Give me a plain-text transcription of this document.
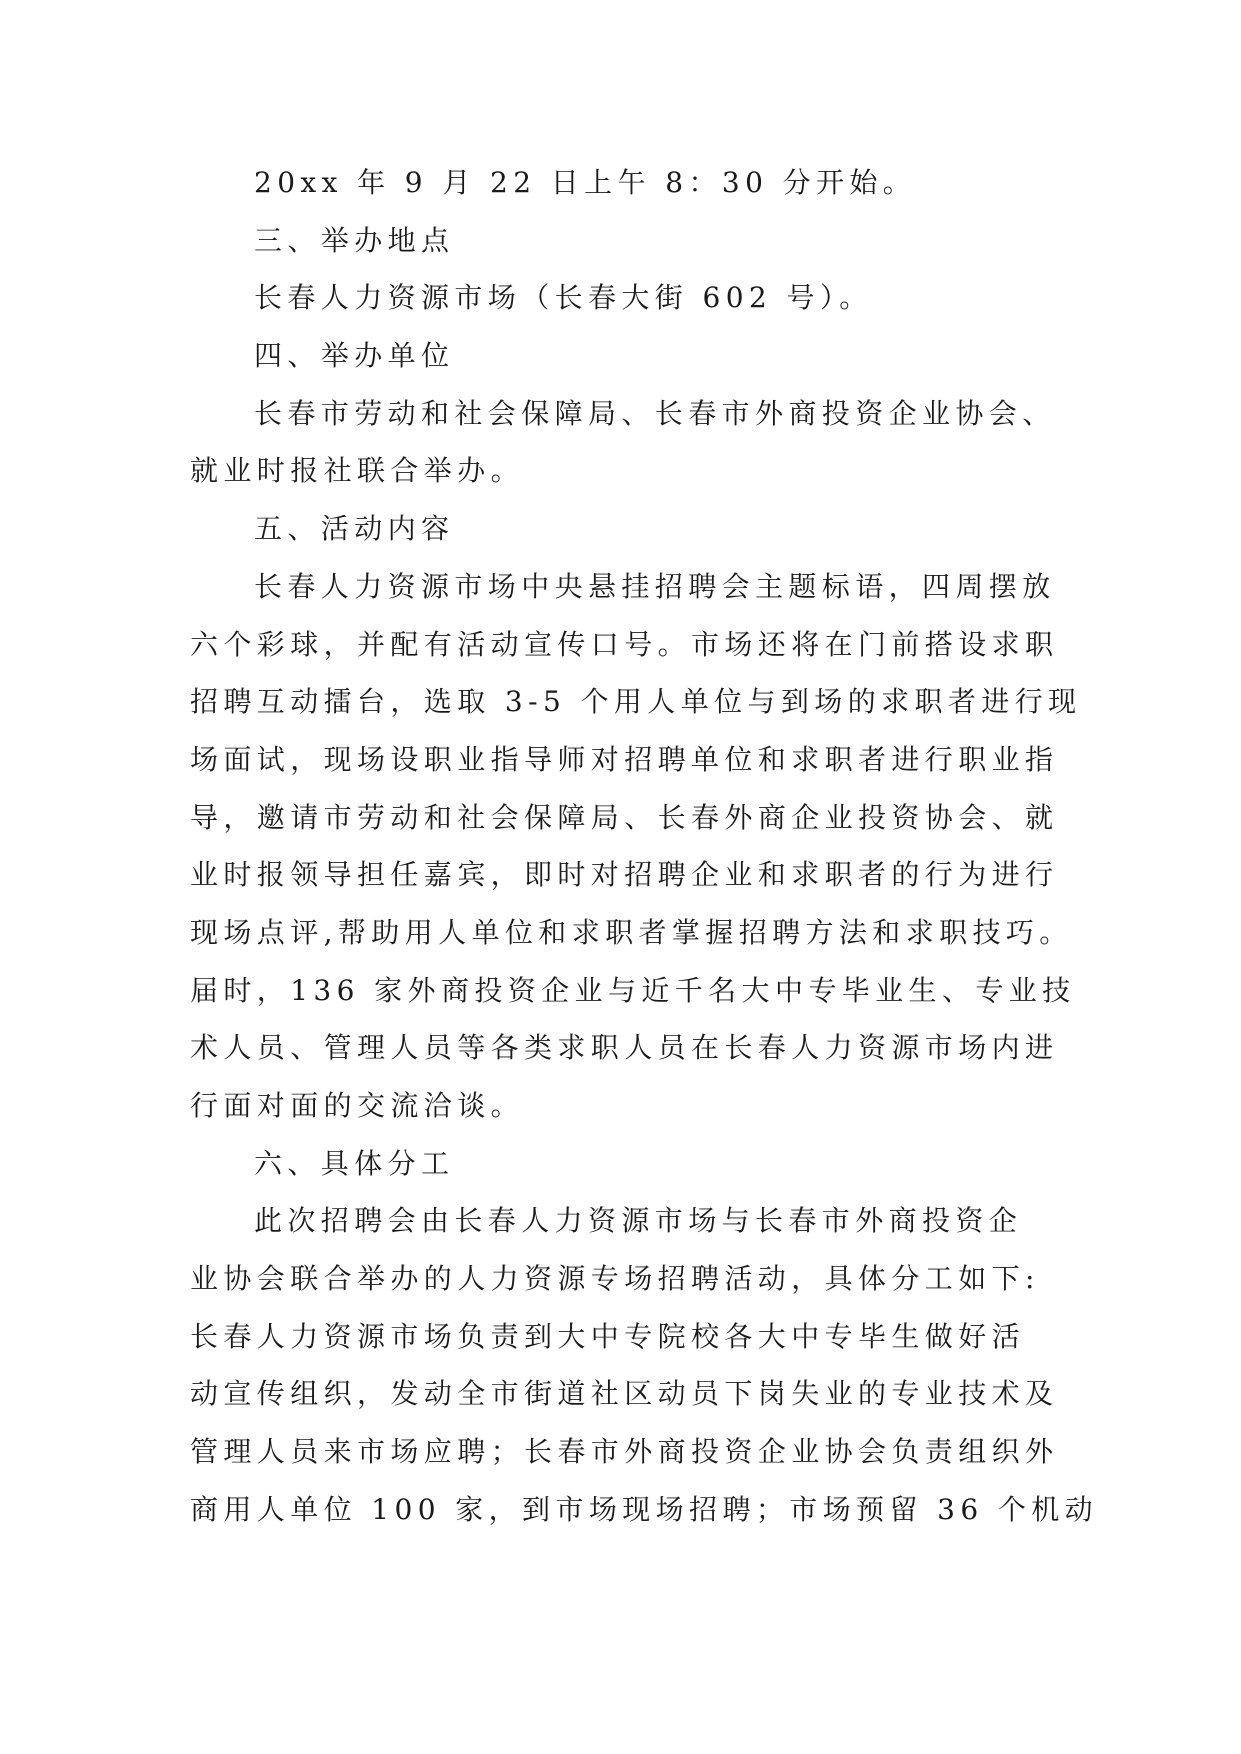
20xx 年 9 月 22 日上午 8：30 分开始。
三、举办地点
长春人力资源市场（长春大街 602 号）。
四、举办单位
长春市劳动和社会保障局、长春市外商投资企业协会、
就业时报社联合举办。
五、活动内容
长春人力资源市场中央悬挂招聘会主题标语，四周摆放
六个彩球，并配有活动宣传口号。市场还将在门前搭设求职
招聘互动擂台，选取 3-5 个用人单位与到场的求职者进行现
场面试，现场设职业指导师对招聘单位和求职者进行职业指
导，邀请市劳动和社会保障局、长春外商企业投资协会、就
业时报领导担任嘉宾，即时对招聘企业和求职者的行为进行
现场点评,帮助用人单位和求职者掌握招聘方法和求职技巧。
届时，136 家外商投资企业与近千名大中专毕业生、专业技
术人员、管理人员等各类求职人员在长春人力资源市场内进
行面对面的交流洽谈。
六、具体分工
此次招聘会由长春人力资源市场与长春市外商投资企
业协会联合举办的人力资源专场招聘活动，具体分工如下:
长春人力资源市场负责到大中专院校各大中专毕生做好活
动宣传组织，发动全市街道社区动员下岗失业的专业技术及
管理人员来市场应聘；长春市外商投资企业协会负责组织外
商用人单位 100 家，到市场现场招聘；市场预留 36 个机动
